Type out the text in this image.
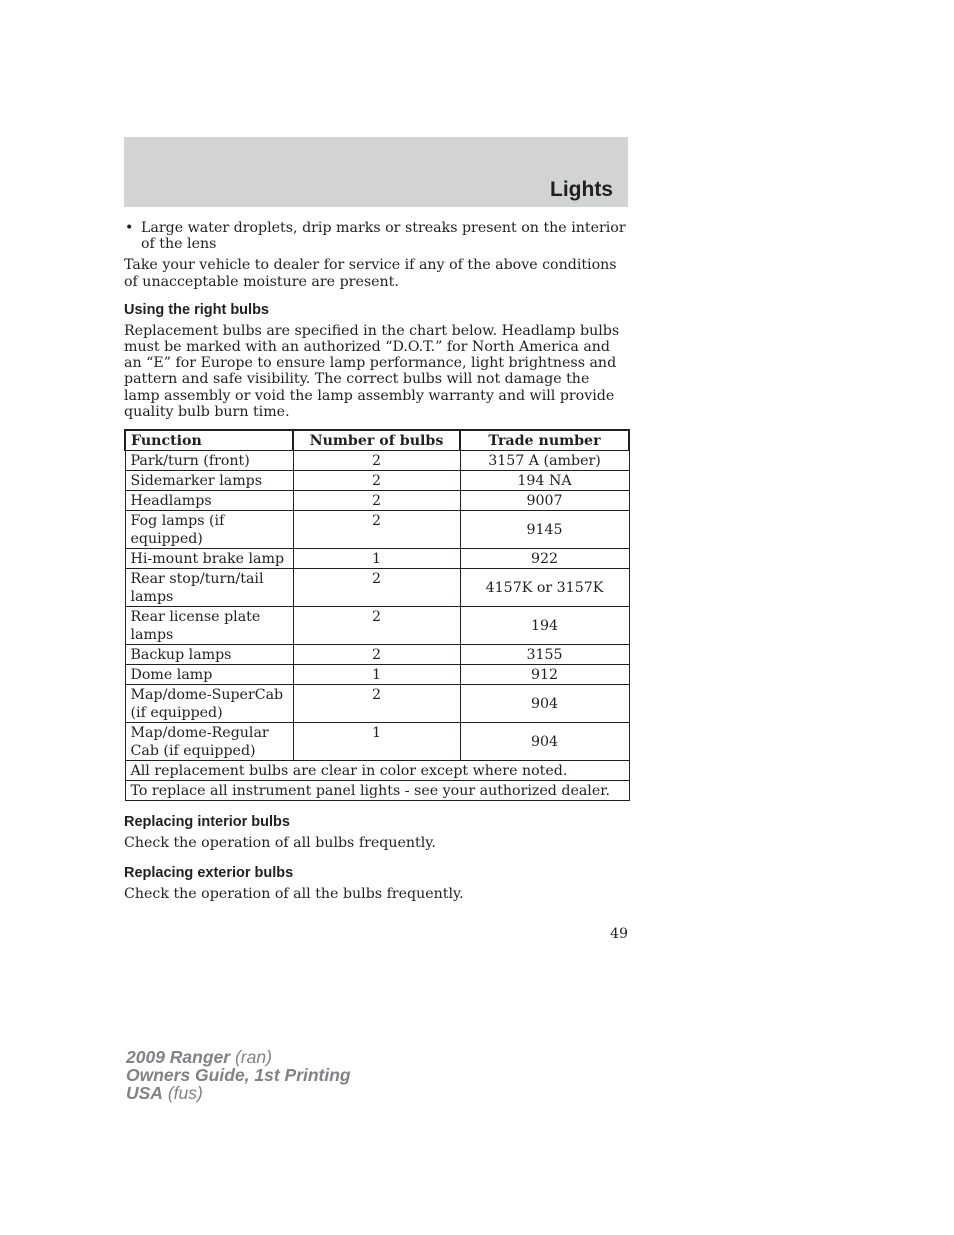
Lights
• Large water droplets, drip marks or streaks present on the interior of the lens

Take your vehicle to dealer for service if any of the above conditions of unacceptable moisture are present.

Using the right bulbs

Replacement bulbs are specified in the chart below. Headlamp bulbs must be marked with an authorized “D.O.T.” for North America and an “E” for Europe to ensure lamp performance, light brightness and pattern and safe visibility. The correct bulbs will not damage the lamp assembly or void the lamp assembly warranty and will provide quality bulb burn time.

Function	Number of bulbs	Trade number
Park/turn (front)	2	3157 A (amber)
Sidemarker lamps	2	194 NA
Headlamps	2	9007
Fog lamps (if equipped)	2	9145
Hi-mount brake lamp	1	922
Rear stop/turn/tail lamps	2	4157K or 3157K
Rear license plate lamps	2	194
Backup lamps	2	3155
Dome lamp	1	912
Map/dome-SuperCab (if equipped)	2	904
Map/dome-Regular Cab (if equipped)	1	904
All replacement bulbs are clear in color except where noted.		
To replace all instrument panel lights - see your authorized dealer.		
Replacing interior bulbs

Check the operation of all bulbs frequently.

Replacing exterior bulbs

Check the operation of all the bulbs frequently.

49
2009 Ranger (ran)
Owners Guide, 1st Printing
USA (fus)
